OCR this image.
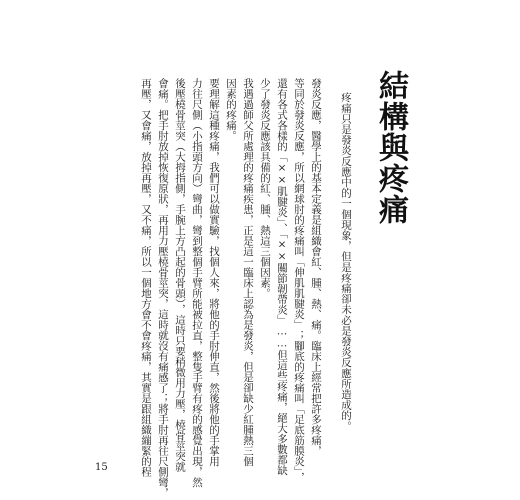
結構與疼痛

疼痛只是發炎反應中的一個現象，但是疼痛卻未必是發炎反應所造成的。

發炎反應，醫學上的基本定義是組織會紅、腫、熱、痛。臨床上經常把許多疼痛，

等同於發炎反應，所以網球肘的疼痛叫「伸肌肌腱炎」；腳底的疼痛叫「足底筋膜炎」，

還有各式各樣的「××肌腱炎」、「××關節韌帶炎」……但這些疼痛，絕大多數都缺

少了發炎反應該具備的紅、腫、熱這三個因素。

我遇過師父所處理的疼痛疾患，正是這一臨床上認為是發炎，但是卻缺少紅腫熱三個

因素的疼痛。

要理解這種疼痛，我們可以做實驗，找個人來，將他的手肘伸直，然後將他的手掌用

力往尺側（小指頭方向）彎曲，彎到整個手臂所能被拉直，整隻手臂有疼的感覺出現，然

後壓橈骨莖突（大拇指側，手腕上方凸起的骨頭），這時只要稍微用力壓，橈骨莖突就

會痛。把手肘放掉恢復原狀，再用力壓橈骨莖突，這時就沒有痛感了；將手肘再往尺側彎，

再壓，又會痛，放掉再壓，又不痛，所以一個地方會不會疼痛，其實是跟組織繃緊的程

15
